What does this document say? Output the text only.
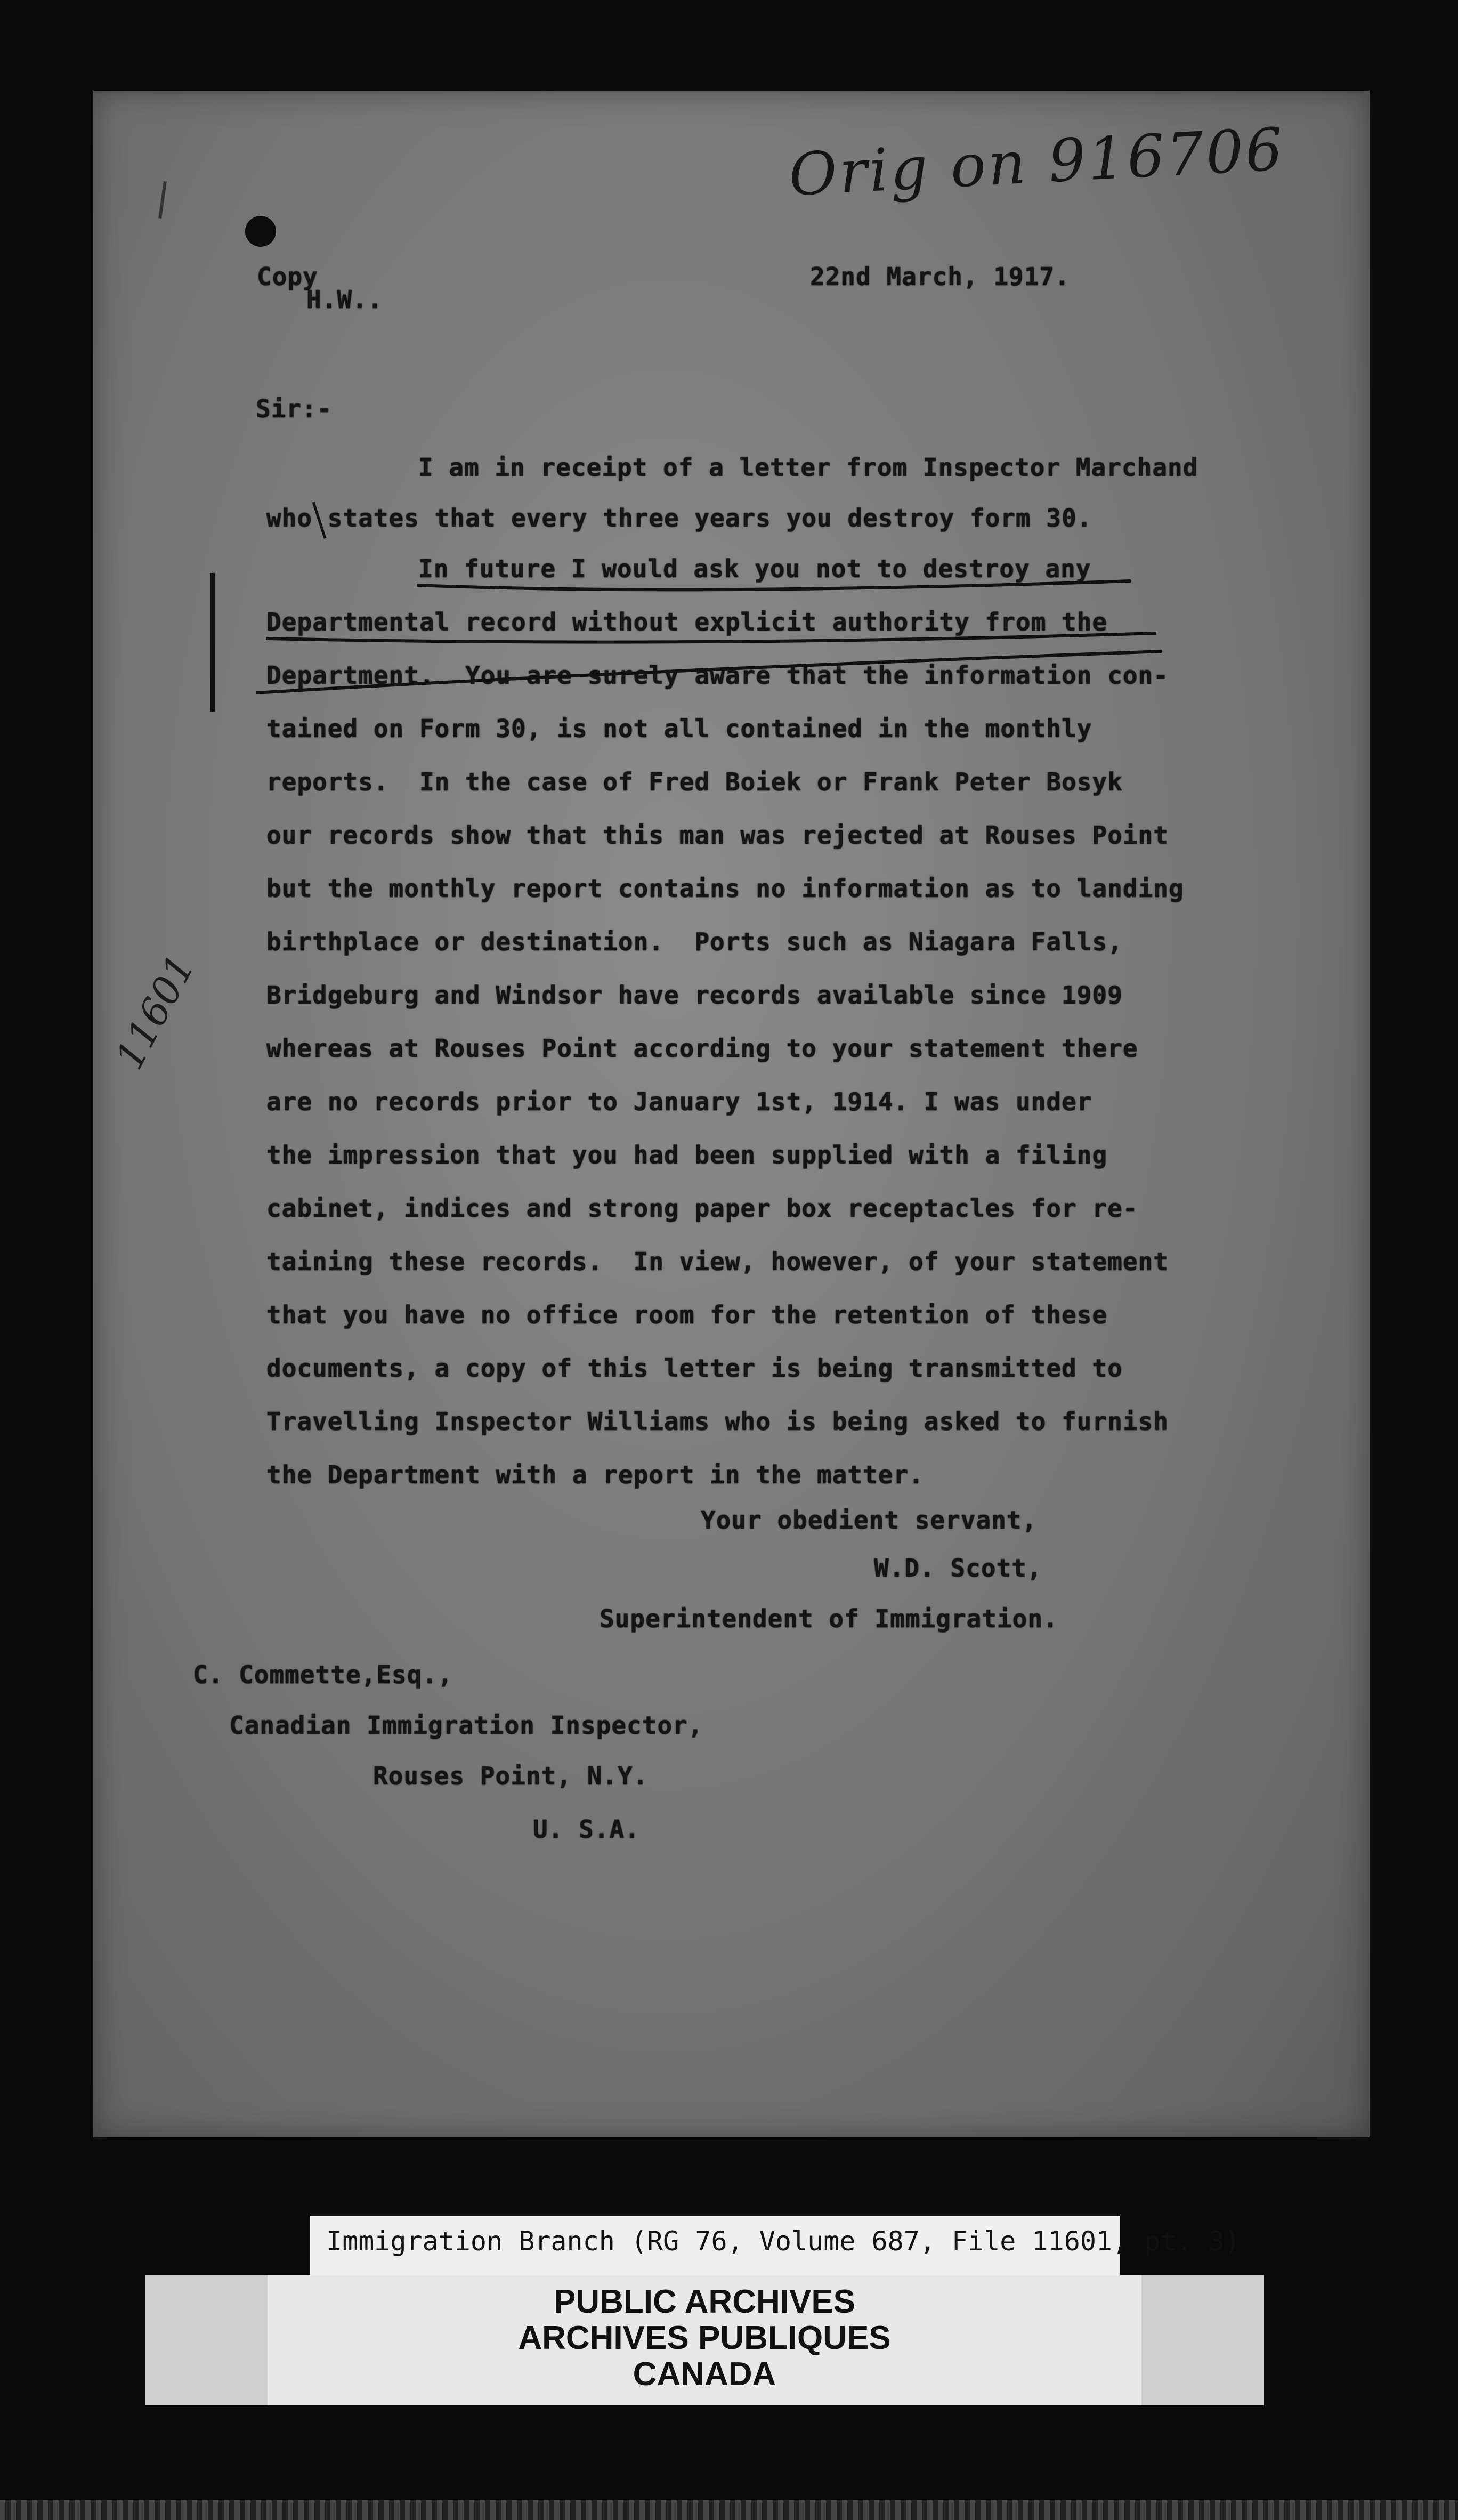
Orig on 916706
11601
Copy
H.W..
22nd March, 1917.
Sir:-
I am in receipt of a letter from Inspector Marchand
who states that every three years you destroy form 30.
In future I would ask you not to destroy any
Departmental record without explicit authority from the
Department.  You are surely aware that the information con-
tained on Form 30, is not all contained in the monthly
reports.  In the case of Fred Boiek or Frank Peter Bosyk
our records show that this man was rejected at Rouses Point
but the monthly report contains no information as to landing
birthplace or destination.  Ports such as Niagara Falls,
Bridgeburg and Windsor have records available since 1909
whereas at Rouses Point according to your statement there
are no records prior to January 1st, 1914. I was under
the impression that you had been supplied with a filing
cabinet, indices and strong paper box receptacles for re-
taining these records.  In view, however, of your statement
that you have no office room for the retention of these
documents, a copy of this letter is being transmitted to
Travelling Inspector Williams who is being asked to furnish
the Department with a report in the matter.
Your obedient servant,
W.D. Scott,
Superintendent of Immigration.
C. Commette,Esq.,
Canadian Immigration Inspector,
Rouses Point, N.Y.
U. S.A.
PUBLIC ARCHIVES
ARCHIVES PUBLIQUES
CANADA
Immigration Branch (RG 76, Volume 687, File 11601, pt. 3)
